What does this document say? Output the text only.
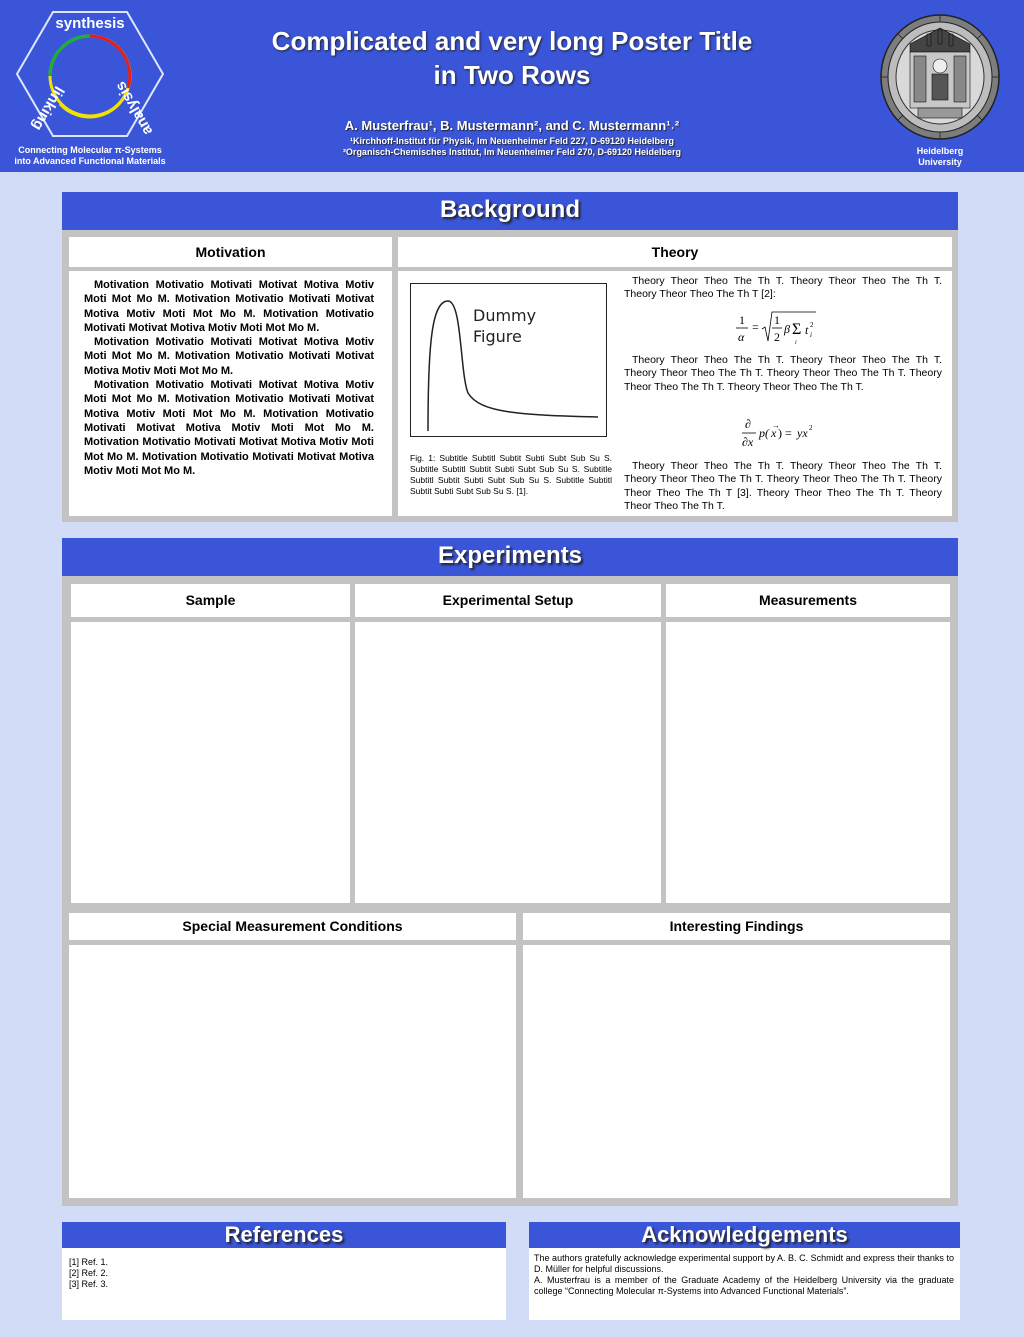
synthesis
analysis
linking
Connecting Molecular π-Systems
into Advanced Functional Materials
Complicated and very long Poster Title
in Two Rows
A. Musterfrau¹, B. Mustermann², and C. Mustermann¹˒²
¹Kirchhoff-Institut für Physik, Im Neuenheimer Feld 227, D-69120 Heidelberg
²Organisch-Chemisches Institut, Im Neuenheimer Feld 270, D-69120 Heidelberg	Heidelberg
University
Background
Motivation	Theory

Motivation Motivatio Motivati Motivat Motiva Motiv Moti Mot Mo M. Motivation Motivatio Motivati Motivat Motiva Motiv Moti Mot Mo M. Motivation Motivatio Motivati Motivat Motiva Motiv Moti Mot Mo M.

Motivation Motivatio Motivati Motivat Motiva Motiv Moti Mot Mo M. Motivation Motivatio Motivati Motivat Motiva Motiv Moti Mot Mo M.

Motivation Motivatio Motivati Motivat Motiva Motiv Moti Mot Mo M. Motivation Motivatio Motivati Motivat Motiva Motiv Moti Mot Mo M. Motivation Motivatio Motivati Motivat Motiva Motiv Moti Mot Mo M. Motivation Motivatio Motivati Motivat Motiva Motiv Moti Mot Mo M. Motivation Motivatio Motivati Motivat Motiva Motiv Moti Mot Mo M.

Dummy
Figure
Fig. 1: Subtitle Subtitl Subtit Subti Subt Sub Su S. Subtitle Subtitl Subtit Subti Subt Sub Su S. Subtitle Subtitl Subtit Subti Subt Sub Su S. Subtitle Subtitl Subtit Subti Subt Sub Su S. [1].

Theory Theor Theo The Th T. Theory Theor Theo The Th T. Theory Theor Theo The Th T [2]:

1
α
= 1
2
β Σ
i
t 2
i

Theory Theor Theo The Th T. Theory Theor Theo The Th T. Theory Theor Theo The Th T. Theory Theor Theo The Th T. Theory Theor Theo The Th T. Theory Theor Theo The Th T.

∂
∂x
p( x
→
) = yx 2

Theory Theor Theo The Th T. Theory Theor Theo The Th T. Theory Theor Theo The Th T. Theory Theor Theo The Th T. Theory Theor Theo The Th T [3]. Theory Theor Theo The Th T. Theory Theor Theo The Th T.

Experiments
Sample	Experimental Setup	Measurements
Special Measurement Conditions	Interesting Findings
References
[1] Ref. 1.
[2] Ref. 2.
[3] Ref. 3.
Acknowledgements

The authors gratefully acknowledge experimental support by A. B. C. Schmidt and express their thanks to D. Müller for helpful discussions.

A. Musterfrau is a member of the Graduate Academy of the Heidelberg University via the graduate college “Connecting Molecular π-Systems into Advanced Functional Materials”.
